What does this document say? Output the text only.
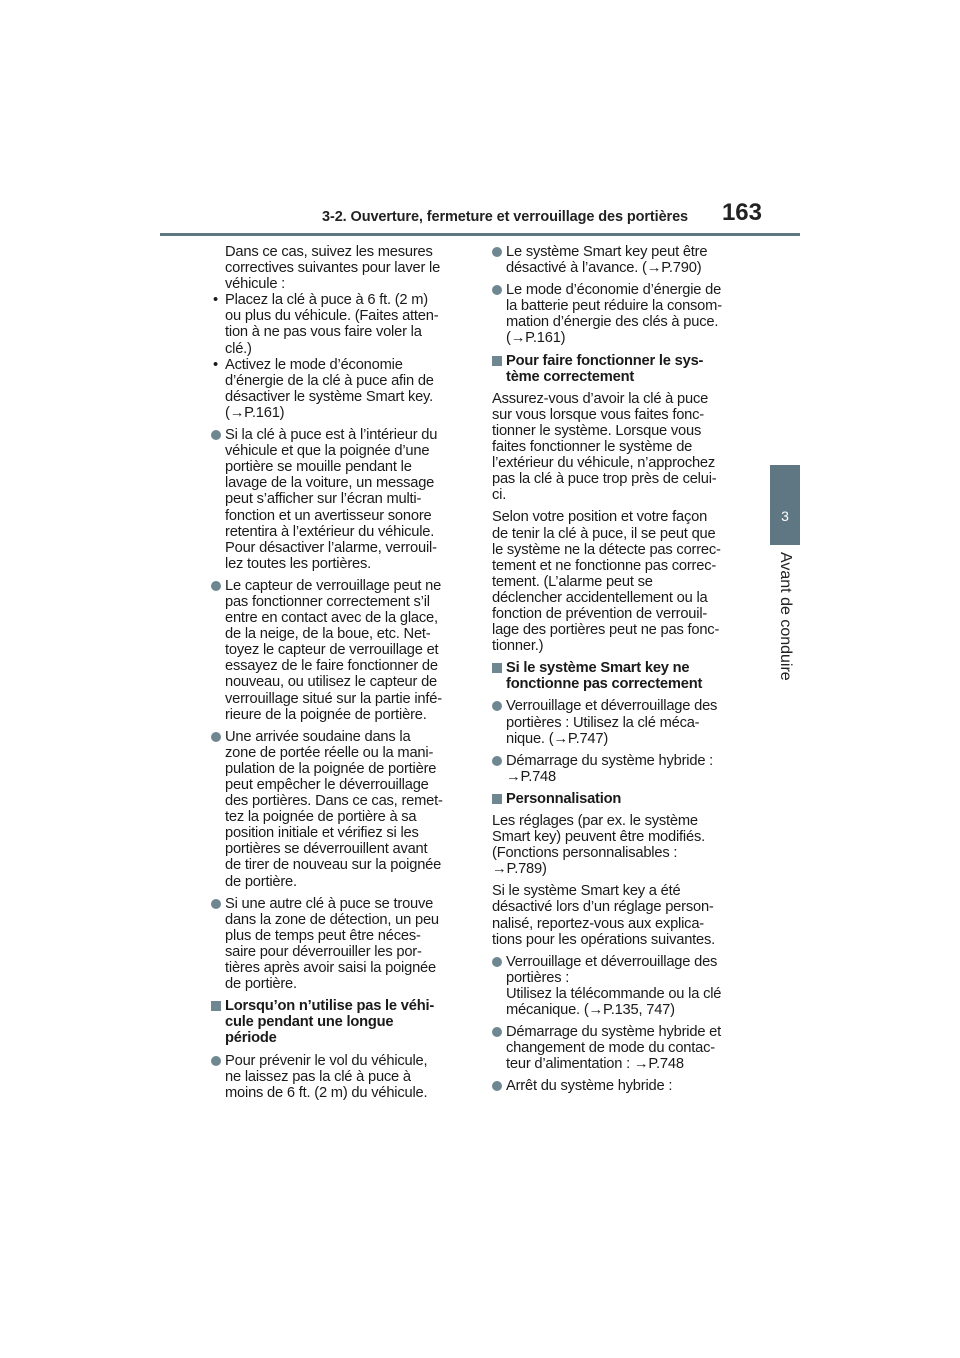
3-2. Ouverture, fermeture et verrouillage des portières 163
3
Avant de conduire

Dans ce cas, suivez les mesures
correctives suivantes pour laver le
véhicule :

• Placez la clé à puce à 6 ft. (2 m)
ou plus du véhicule. (Faites atten-
tion à ne pas vous faire voler la
clé.)
• Activez le mode d’économie
d’énergie de la clé à puce afin de
désactiver le système Smart key.
(→P.161)
Si la clé à puce est à l’intérieur du
véhicule et que la poignée d’une
portière se mouille pendant le
lavage de la voiture, un message
peut s’afficher sur l’écran multi-
fonction et un avertisseur sonore
retentira à l’extérieur du véhicule.
Pour désactiver l’alarme, verrouil-
lez toutes les portières.
Le capteur de verrouillage peut ne
pas fonctionner correctement s’il
entre en contact avec de la glace,
de la neige, de la boue, etc. Net-
toyez le capteur de verrouillage et
essayez de le faire fonctionner de
nouveau, ou utilisez le capteur de
verrouillage situé sur la partie infé-
rieure de la poignée de portière.
Une arrivée soudaine dans la
zone de portée réelle ou la mani-
pulation de la poignée de portière
peut empêcher le déverrouillage
des portières. Dans ce cas, remet-
tez la poignée de portière à sa
position initiale et vérifiez si les
portières se déverrouillent avant
de tirer de nouveau sur la poignée
de portière.
Si une autre clé à puce se trouve
dans la zone de détection, un peu
plus de temps peut être néces-
saire pour déverrouiller les por-
tières après avoir saisi la poignée
de portière.
Lorsqu’on n’utilise pas le véhi-
cule pendant une longue
période
Pour prévenir le vol du véhicule,
ne laissez pas la clé à puce à
moins de 6 ft. (2 m) du véhicule.
Le système Smart key peut être
désactivé à l’avance. (→P.790)
Le mode d’économie d’énergie de
la batterie peut réduire la consom-
mation d’énergie des clés à puce.
(→P.161)
Pour faire fonctionner le sys-
tème correctement

Assurez-vous d’avoir la clé à puce
sur vous lorsque vous faites fonc-
tionner le système. Lorsque vous
faites fonctionner le système de
l’extérieur du véhicule, n’approchez
pas la clé à puce trop près de celui-
ci.

Selon votre position et votre façon
de tenir la clé à puce, il se peut que
le système ne la détecte pas correc-
tement et ne fonctionne pas correc-
tement. (L’alarme peut se
déclencher accidentellement ou la
fonction de prévention de verrouil-
lage des portières peut ne pas fonc-
tionner.)

Si le système Smart key ne
fonctionne pas correctement
Verrouillage et déverrouillage des
portières : Utilisez la clé méca-
nique. (→P.747)
Démarrage du système hybride :
→P.748
Personnalisation

Les réglages (par ex. le système
Smart key) peuvent être modifiés.
(Fonctions personnalisables :
→P.789)

Si le système Smart key a été
désactivé lors d’un réglage person-
nalisé, reportez-vous aux explica-
tions pour les opérations suivantes.

Verrouillage et déverrouillage des
portières :
Utilisez la télécommande ou la clé
mécanique. (→P.135, 747)
Démarrage du système hybride et
changement de mode du contac-
teur d’alimentation : →P.748
Arrêt du système hybride :
